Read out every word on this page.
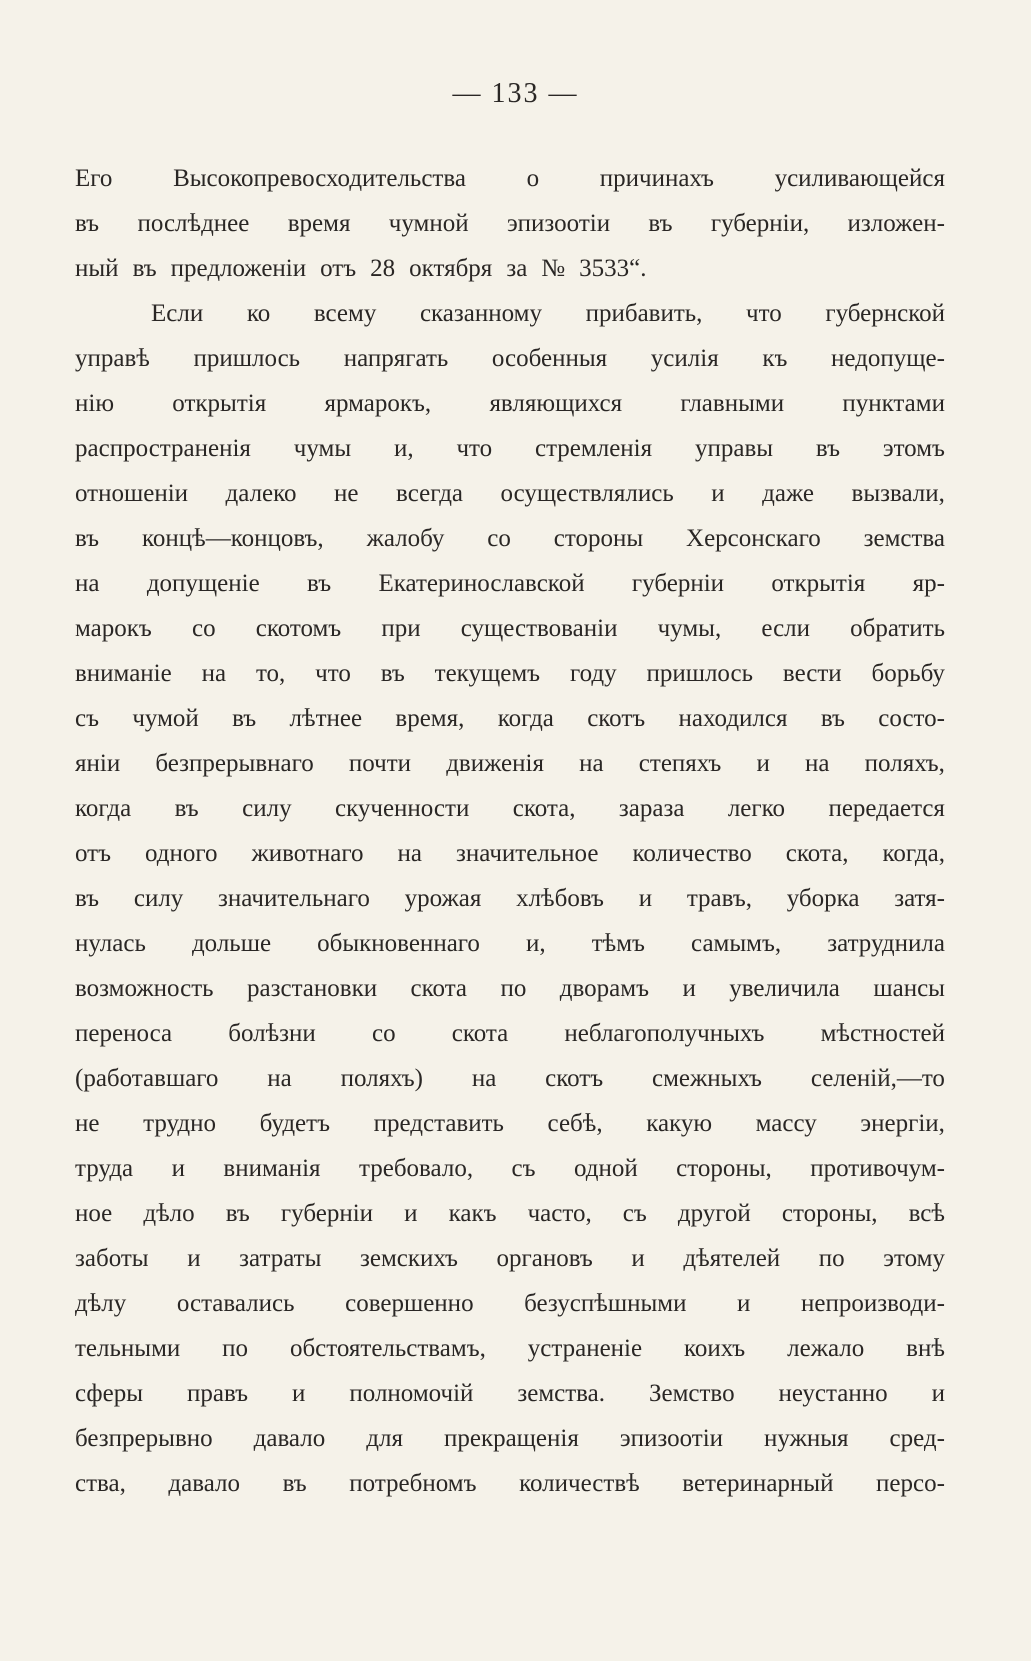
— 133 —
Его Высокопревосходительства о причинахъ усиливающейся
въ послѣднее время чумной эпизоотіи въ губерніи, изложен-
ный въ предложеніи отъ 28 октября за № 3533“.
Если ко всему сказанному прибавить, что губернской
управѣ пришлось напрягать особенныя усилія къ недопуще-
нію открытія ярмарокъ, являющихся главными пунктами
распространенія чумы и, что стремленія управы въ этомъ
отношеніи далеко не всегда осуществлялись и даже вызвали,
въ концѣ—концовъ, жалобу со стороны Херсонскаго земства
на допущеніе въ Екатеринославской губерніи открытія яр-
марокъ со скотомъ при существованіи чумы, если обратить
вниманіе на то, что въ текущемъ году пришлось вести борьбу
съ чумой въ лѣтнее время, когда скотъ находился въ состо-
яніи безпрерывнаго почти движенія на степяхъ и на поляхъ,
когда въ силу скученности скота, зараза легко передается
отъ одного животнаго на значительное количество скота, когда,
въ силу значительнаго урожая хлѣбовъ и травъ, уборка затя-
нулась дольше обыкновеннаго и, тѣмъ самымъ, затруднила
возможность разстановки скота по дворамъ и увеличила шансы
переноса болѣзни со скота неблагополучныхъ мѣстностей
(работавшаго на поляхъ) на скотъ смежныхъ селеній,—то
не трудно будетъ представить себѣ, какую массу энергіи,
труда и вниманія требовало, съ одной стороны, противочум-
ное дѣло въ губерніи и какъ часто, съ другой стороны, всѣ
заботы и затраты земскихъ органовъ и дѣятелей по этому
дѣлу оставались совершенно безуспѣшными и непроизводи-
тельными по обстоятельствамъ, устраненіе коихъ лежало внѣ
сферы правъ и полномочій земства. Земство неустанно и
безпрерывно давало для прекращенія эпизоотіи нужныя сред-
ства, давало въ потребномъ количествѣ ветеринарный персо-
